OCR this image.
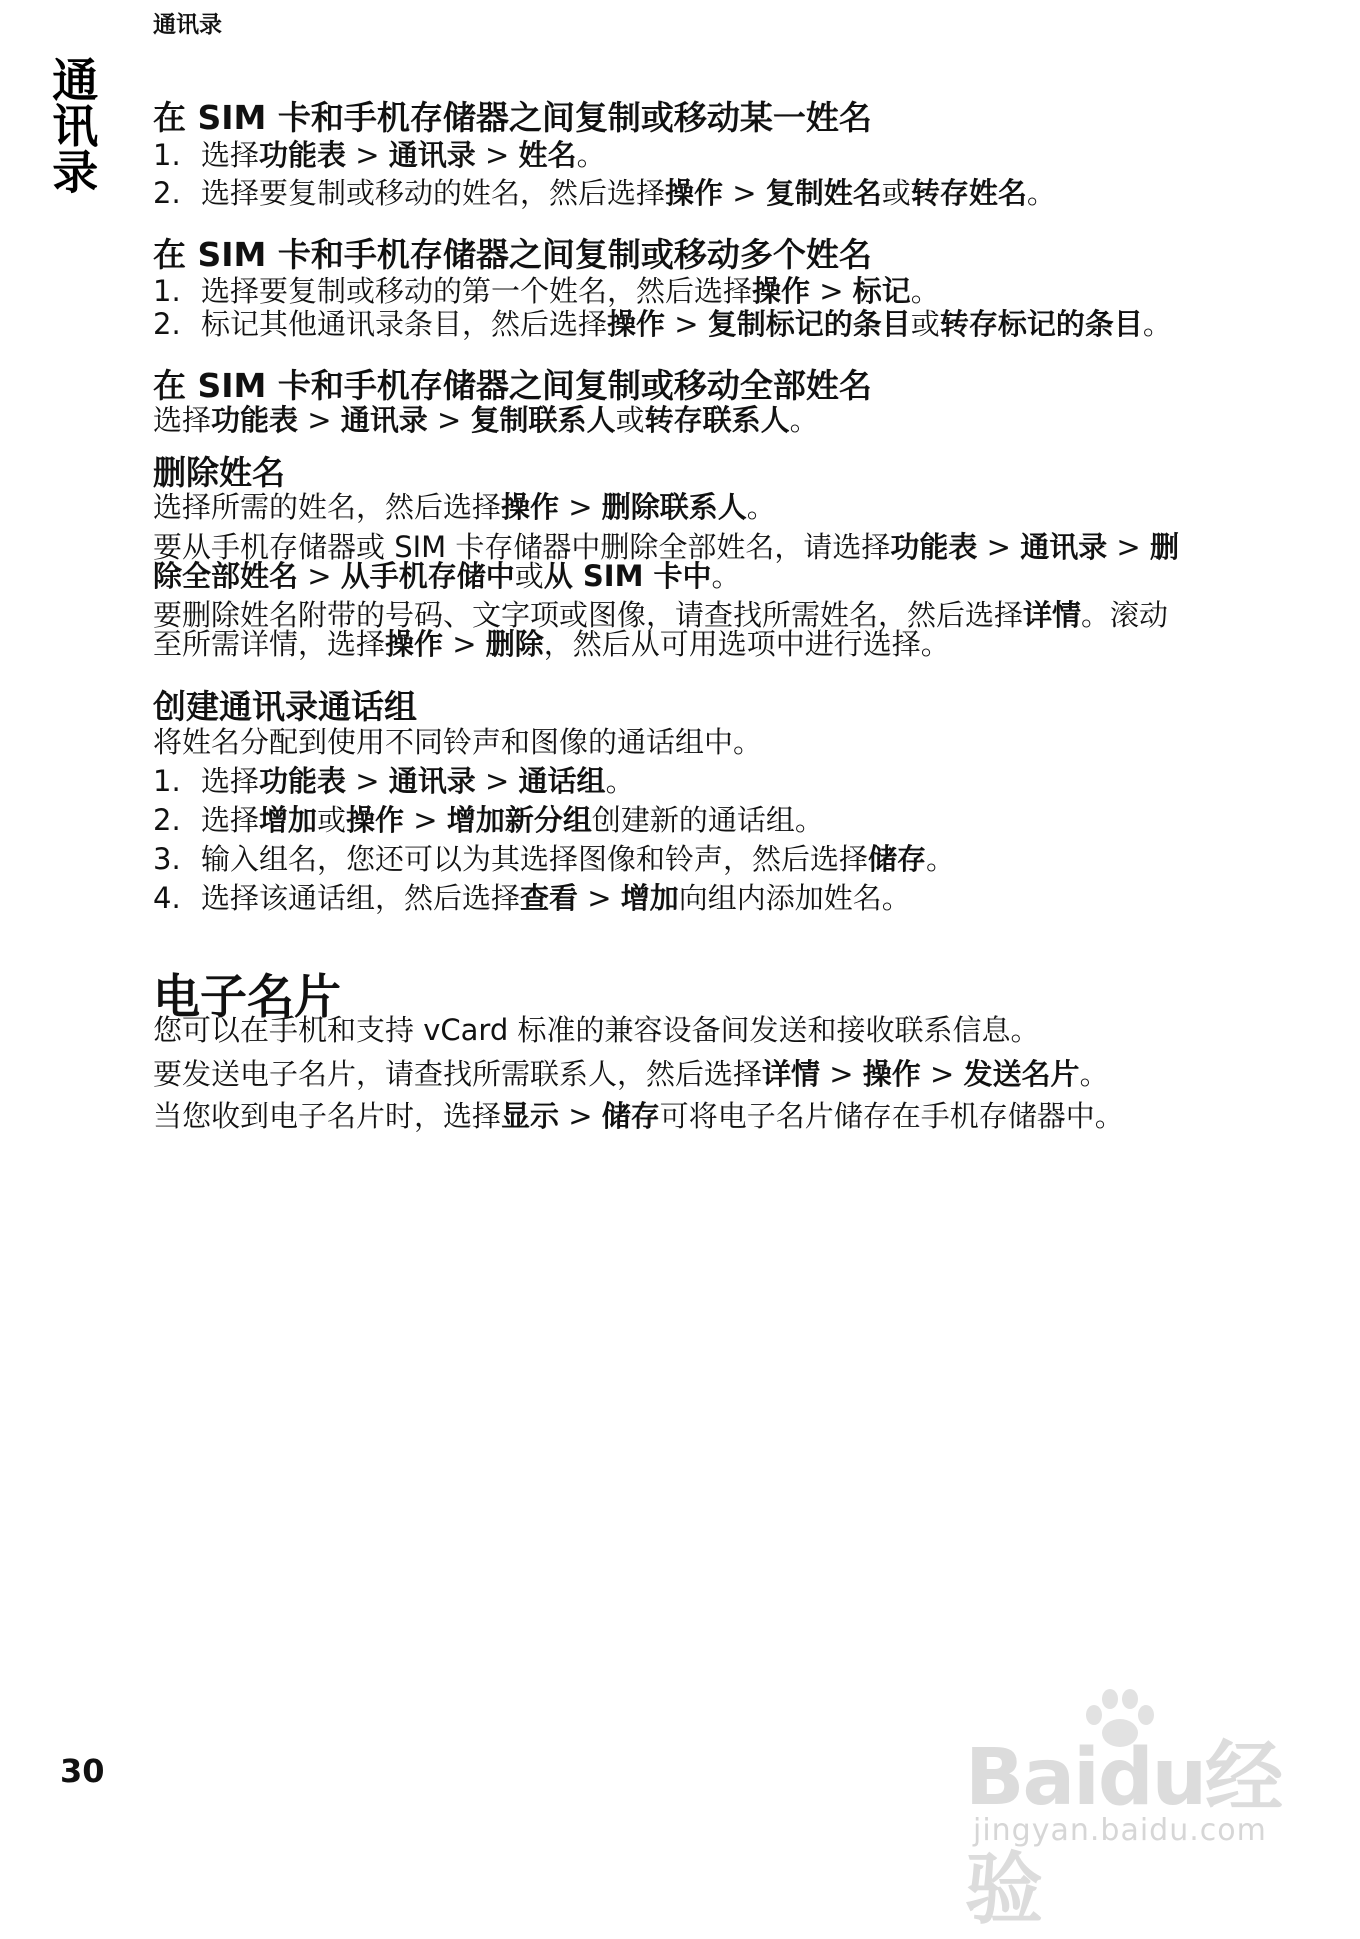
通讯录
通讯录 在 SIM 卡和手机存储器之间复制或移动某一姓名
1. 选择功能表 > 通讯录 > 姓名。
2. 选择要复制或移动的姓名，然后选择操作 > 复制姓名或转存姓名。
在 SIM 卡和手机存储器之间复制或移动多个姓名
1. 选择要复制或移动的第一个姓名，然后选择操作 > 标记。
2. 标记其他通讯录条目，然后选择操作 > 复制标记的条目或转存标记的条目。
在 SIM 卡和手机存储器之间复制或移动全部姓名
选择功能表 > 通讯录 > 复制联系人或转存联系人。
删除姓名
选择所需的姓名，然后选择操作 > 删除联系人。
要从手机存储器或 SIM 卡存储器中删除全部姓名，请选择功能表 > 通讯录 > 删
除全部姓名 > 从手机存储中或从 SIM 卡中。
要删除姓名附带的号码、文字项或图像，请查找所需姓名，然后选择详情。滚动
至所需详情，选择操作 > 删除，然后从可用选项中进行选择。
创建通讯录通话组
将姓名分配到使用不同铃声和图像的通话组中。
1. 选择功能表 > 通讯录 > 通话组。
2. 选择增加或操作 > 增加新分组创建新的通话组。
3. 输入组名，您还可以为其选择图像和铃声，然后选择储存。
4. 选择该通话组，然后选择查看 > 增加向组内添加姓名。
电子名片
您可以在手机和支持 vCard 标准的兼容设备间发送和接收联系信息。
要发送电子名片，请查找所需联系人，然后选择详情 > 操作 > 发送名片。
当您收到电子名片时，选择显示 > 储存可将电子名片储存在手机存储器中。
30	Baidu经验
jingyan.baidu.com
